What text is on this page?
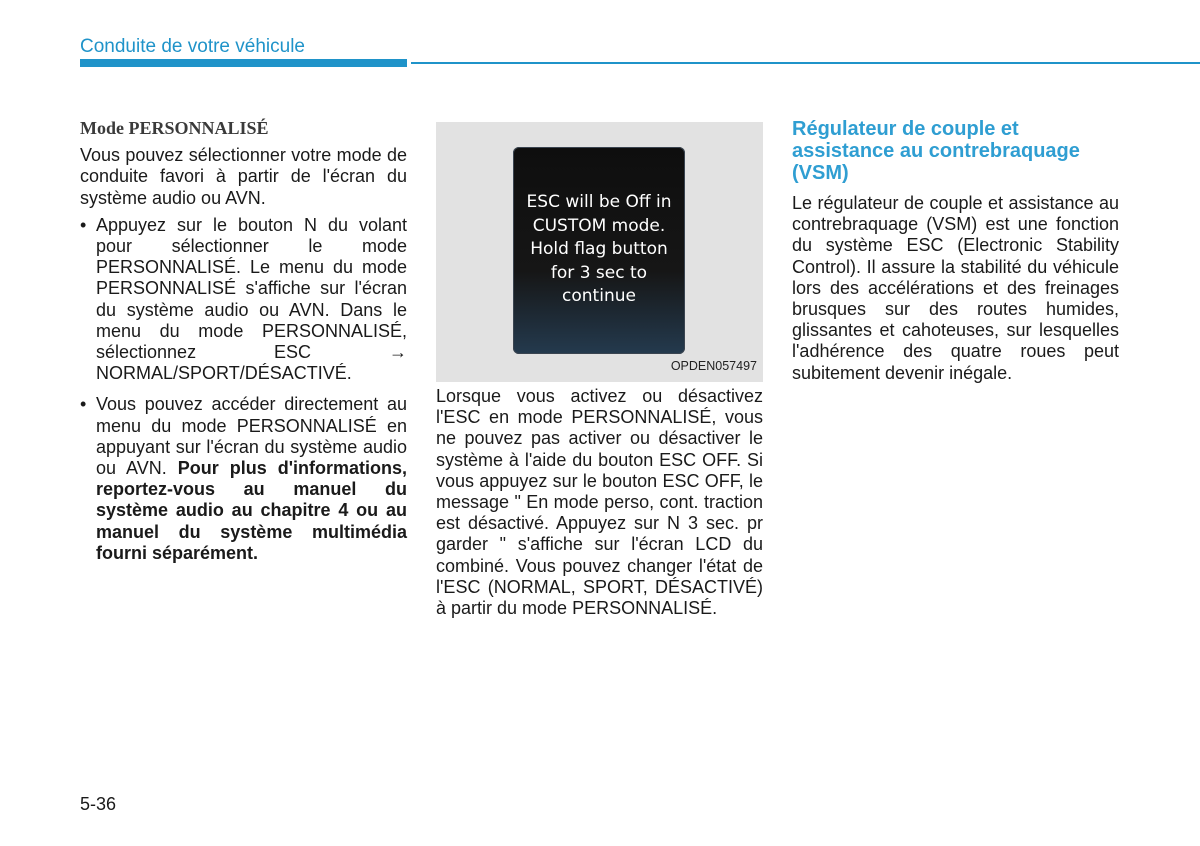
Conduite de votre véhicule
Mode PERSONNALISÉ

Vous pouvez sélectionner votre mode de conduite favori à partir de l'écran du système audio ou AVN.

• Appuyez sur le bouton N du volant pour sélectionner le mode PERSONNALISÉ. Le menu du mode PERSONNALISÉ s'affiche sur l'écran du système audio ou AVN. Dans le menu du mode PERSONNALISÉ, sélectionnez ESC → NORMAL/SPORT/DÉSACTIVÉ.
• Vous pouvez accéder directement au menu du mode PERSONNALISÉ en appuyant sur l'écran du système audio ou AVN. Pour plus d'informations, reportez-vous au manuel du système audio au chapitre 4 ou au manuel du système multimédia fourni séparément.
ESC will be Off in
CUSTOM mode.
Hold flag button
for 3 sec to
continue
OPDEN057497

Lorsque vous activez ou désactivez l'ESC en mode PERSONNALISÉ, vous ne pouvez pas activer ou désactiver le système à l'aide du bouton ESC OFF. Si vous appuyez sur le bouton ESC OFF, le message " En mode perso, cont. traction est désactivé. Appuyez sur N 3 sec. pr garder " s'affiche sur l'écran LCD du combiné. Vous pouvez changer l'état de l'ESC (NORMAL, SPORT, DÉSACTIVÉ) à partir du mode PERSONNALISÉ.

Régulateur de couple et assistance au contrebraquage (VSM)

Le régulateur de couple et assistance au contrebraquage (VSM) est une fonction du système ESC (Electronic Stability Control). Il assure la stabilité du véhicule lors des accélérations et des freinages brusques sur des routes humides, glissantes et cahoteuses, sur lesquelles l'adhérence des quatre roues peut subitement devenir inégale.

5-36
